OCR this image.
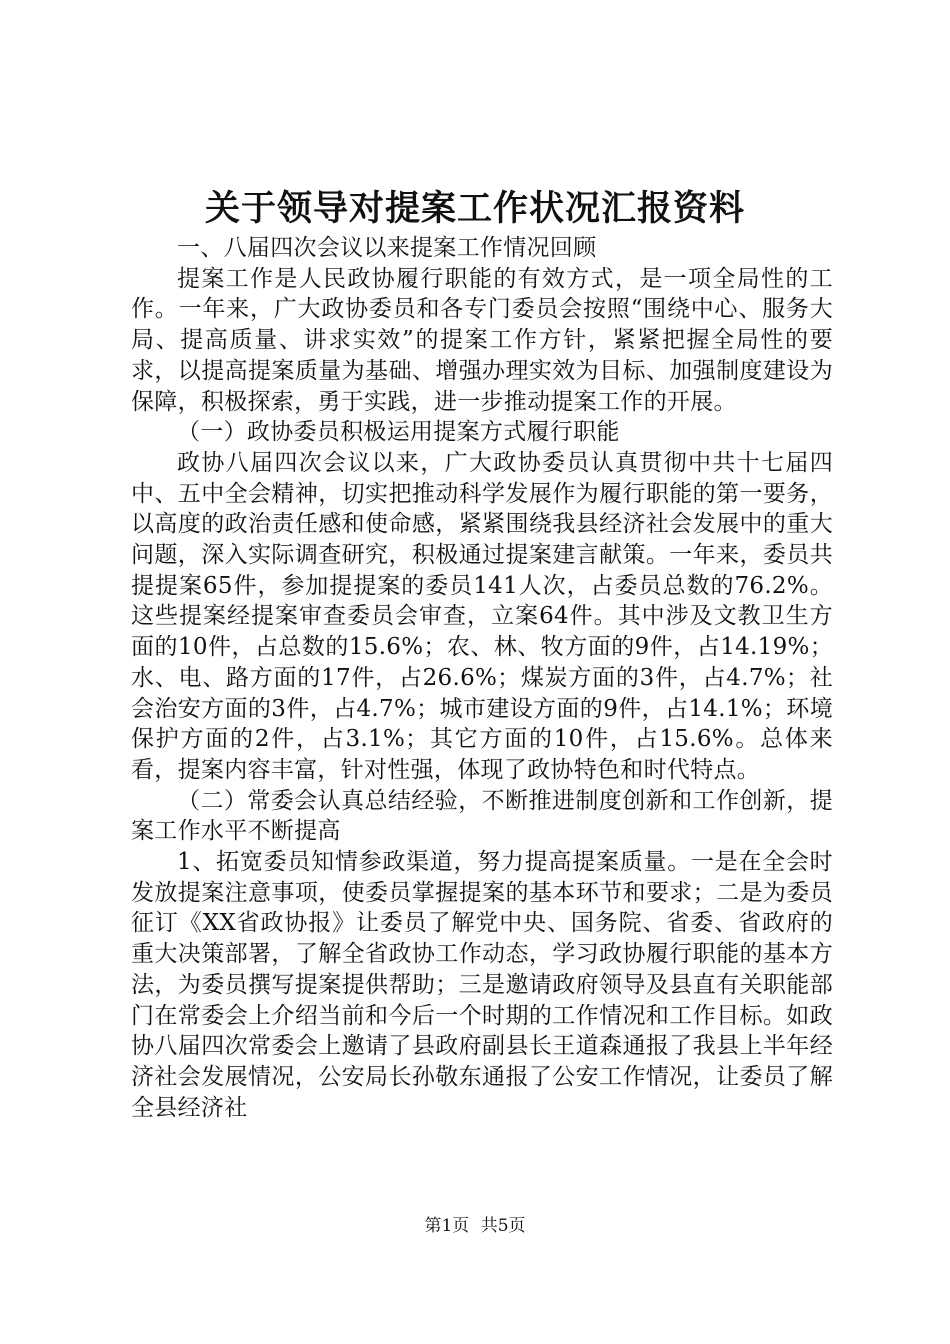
关于领导对提案工作状况汇报资料

一、八届四次会议以来提案工作情况回顾

提案工作是人民政协履行职能的有效方式，是一项全局性的工作。一年来，广大政协委员和各专门委员会按照“围绕中心、服务大局、提高质量、讲求实效”的提案工作方针，紧紧把握全局性的要求，以提高提案质量为基础、增强办理实效为目标、加强制度建设为保障，积极探索，勇于实践，进一步推动提案工作的开展。

（一）政协委员积极运用提案方式履行职能

政协八届四次会议以来，广大政协委员认真贯彻中共十七届四中、五中全会精神，切实把推动科学发展作为履行职能的第一要务，以高度的政治责任感和使命感，紧紧围绕我县经济社会发展中的重大问题，深入实际调查研究，积极通过提案建言献策。一年来，委员共提提案65件，参加提提案的委员141人次，占委员总数的76.2%。这些提案经提案审查委员会审查，立案64件。其中涉及文教卫生方面的10件，占总数的15.6%；农、林、牧方面的9件，占14.19%；水、电、路方面的17件，占26.6%；煤炭方面的3件，占4.7%；社会治安方面的3件，占4.7%；城市建设方面的9件，占14.1%；环境保护方面的2件，占3.1%；其它方面的10件，占15.6%。总体来看，提案内容丰富，针对性强，体现了政协特色和时代特点。

（二）常委会认真总结经验，不断推进制度创新和工作创新，提案工作水平不断提高

1、拓宽委员知情参政渠道，努力提高提案质量。一是在全会时发放提案注意事项，使委员掌握提案的基本环节和要求；二是为委员征订《XX省政协报》让委员了解党中央、国务院、省委、省政府的重大决策部署，了解全省政协工作动态，学习政协履行职能的基本方法，为委员撰写提案提供帮助；三是邀请政府领导及县直有关职能部门在常委会上介绍当前和今后一个时期的工作情况和工作目标。如政协八届四次常委会上邀请了县政府副县长王道森通报了我县上半年经济社会发展情况，公安局长孙敬东通报了公安工作情况，让委员了解全县经济社

第1页 共5页
